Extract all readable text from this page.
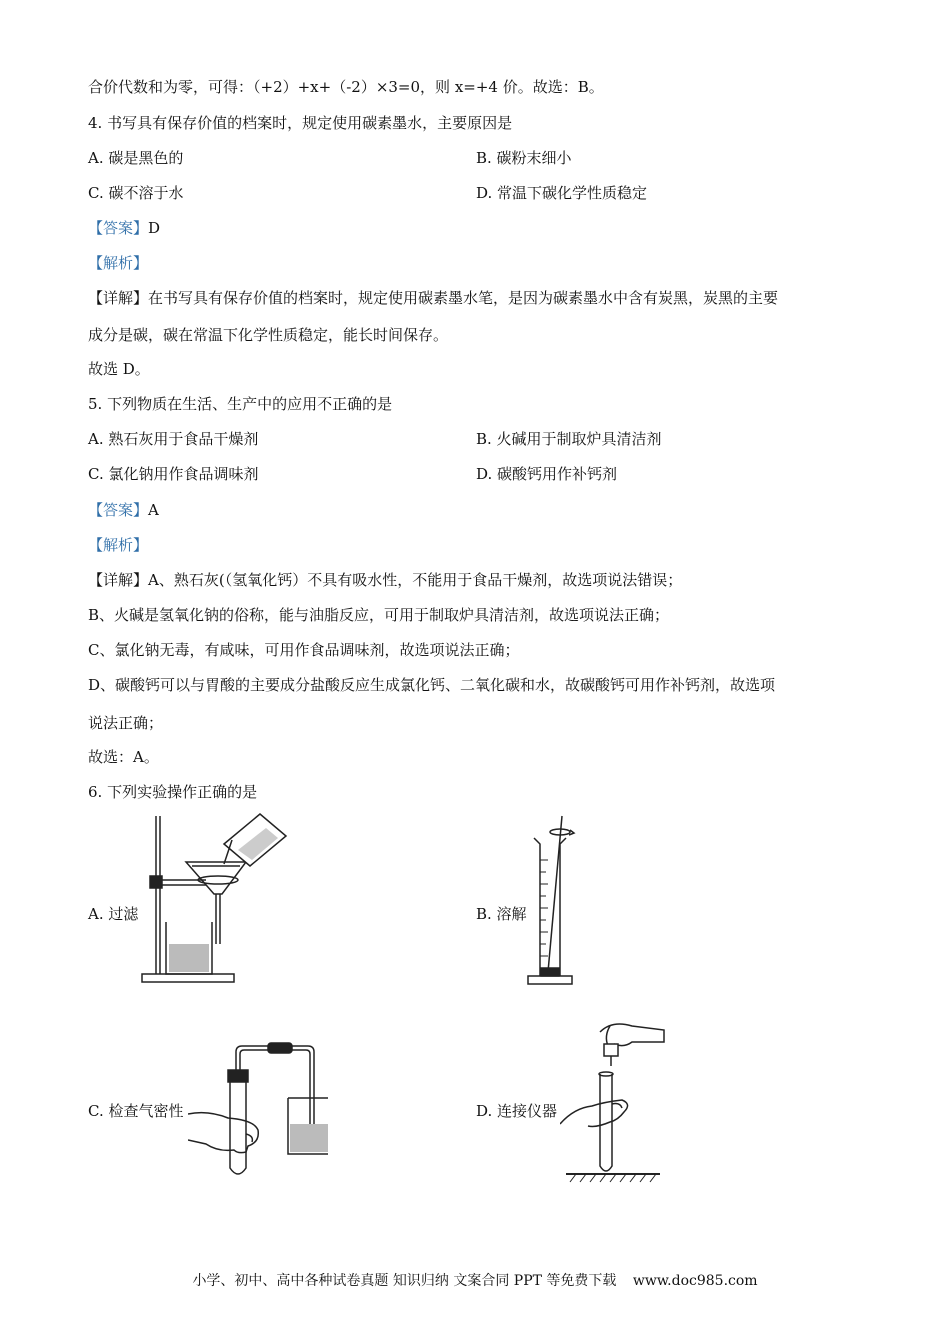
合价代数和为零，可得：（+2）+x+（-2）×3=0，则 x=+4 价。故选：B。
4. 书写具有保存价值的档案时，规定使用碳素墨水，主要原因是
A. 碳是黑色的	B. 碳粉末细小
C. 碳不溶于水	D. 常温下碳化学性质稳定
【答案】D
【解析】
【详解】在书写具有保存价值的档案时，规定使用碳素墨水笔，是因为碳素墨水中含有炭黑，炭黑的主要
成分是碳，碳在常温下化学性质稳定，能长时间保存。
故选 D。
5. 下列物质在生活、生产中的应用不正确的是
A. 熟石灰用于食品干燥剂	B. 火碱用于制取炉具清洁剂
C. 氯化钠用作食品调味剂	D. 碳酸钙用作补钙剂
【答案】A
【解析】
【详解】A、熟石灰(（氢氧化钙）不具有吸水性，不能用于食品干燥剂，故选项说法错误；
B、火碱是氢氧化钠的俗称，能与油脂反应，可用于制取炉具清洁剂，故选项说法正确；
C、氯化钠无毒，有咸味，可用作食品调味剂，故选项说法正确；
D、碳酸钙可以与胃酸的主要成分盐酸反应生成氯化钙、二氧化碳和水，故碳酸钙可用作补钙剂，故选项
说法正确；
故选：A。
6. 下列实验操作正确的是
A. 过滤	B. 溶解
C. 检查气密性	D. 连接仪器
小学、初中、高中各种试卷真题 知识归纳 文案合同 PPT 等免费下载 www.doc985.com
